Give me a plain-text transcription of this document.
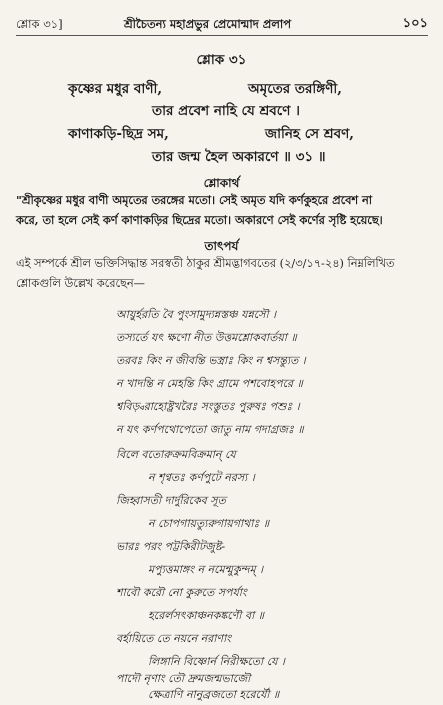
শ্লোক ৩১]	শ্রীচৈতন্য মহাপ্রভুর প্রেমোন্মাদ প্রলাপ	১০১
শ্লোক ৩১
কৃষ্ণের মধুর বাণী,	অমৃতের তরঙ্গিণী,
তার প্রবেশ নাহি যে শ্রবণে ।
কাণাকড়ি-ছিদ্র সম,	জানিহ সে শ্রবণ,
তার জন্ম হৈল অকারণে ॥ ৩১ ॥
শ্লোকার্থ
"শ্রীকৃষ্ণের মধুর বাণী অমৃতের তরঙ্গের মতো। সেই অমৃত যদি কর্ণকুহরে প্রবেশ না
করে, তা হলে সেই কর্ণ কাণাকড়ির ছিদ্রের মতো। অকারণে সেই কর্ণের সৃষ্টি হয়েছে।
তাৎপর্য
এই সম্পর্কে শ্রীল ভক্তিসিদ্ধান্ত সরস্বতী ঠাকুর শ্রীমদ্ভাগবতের (২/৩/১৭-২৪) নিম্নলিখিত
শ্লোকগুলি উল্লেখ করেছেন—
আয়ুর্হরতি বৈ পুংসামুদ্যন্নস্তঞ্চ যন্নসৌ ।
তস্যর্তে যৎ ক্ষণো নীত উত্তমশ্লোকবার্তয়া ॥
তরবঃ কিং ন জীবন্তি ভস্ত্রাঃ কিং ন শ্বসন্ত্যুত ।
ন খাদন্তি ন মেহন্তি কিং গ্রামে পশবোহপরে ॥
শ্ববিড়্বরাহোষ্ট্রখরৈঃ সংস্তুতঃ পুরুষঃ পশুঃ ।
ন যৎ কর্ণপথোপেতো জাতু নাম গদাগ্রজঃ ॥
বিলে বতোরুক্রমবিক্রমান্ যে
ন শৃণ্বতঃ কর্ণপুটে নরস্য ।
জিহ্বাসতী দার্দুরিকেব সূত
ন চোপগায়ত্যুরুগায়গাথাঃ ॥
ভারঃ পরং পট্টকিরীটজুষ্ট-
মপ্যুত্তমাঙ্গং ন নমেন্মুকুন্দম্ ।
শাবৌ করৌ নো কুরুতে সপর্যাং
হরের্লসৎকাঞ্চনকঙ্কণৌ বা ॥
বর্হায়িতে তে নয়নে নরাণাং
লিঙ্গানি বিষ্ণোর্ন নিরীক্ষতো যে ।
পাদৌ নৃণাং তৌ দ্রুমজন্মভাজৌ
ক্ষেত্রাণি নানুব্রজতো হরের্যৌ ॥
